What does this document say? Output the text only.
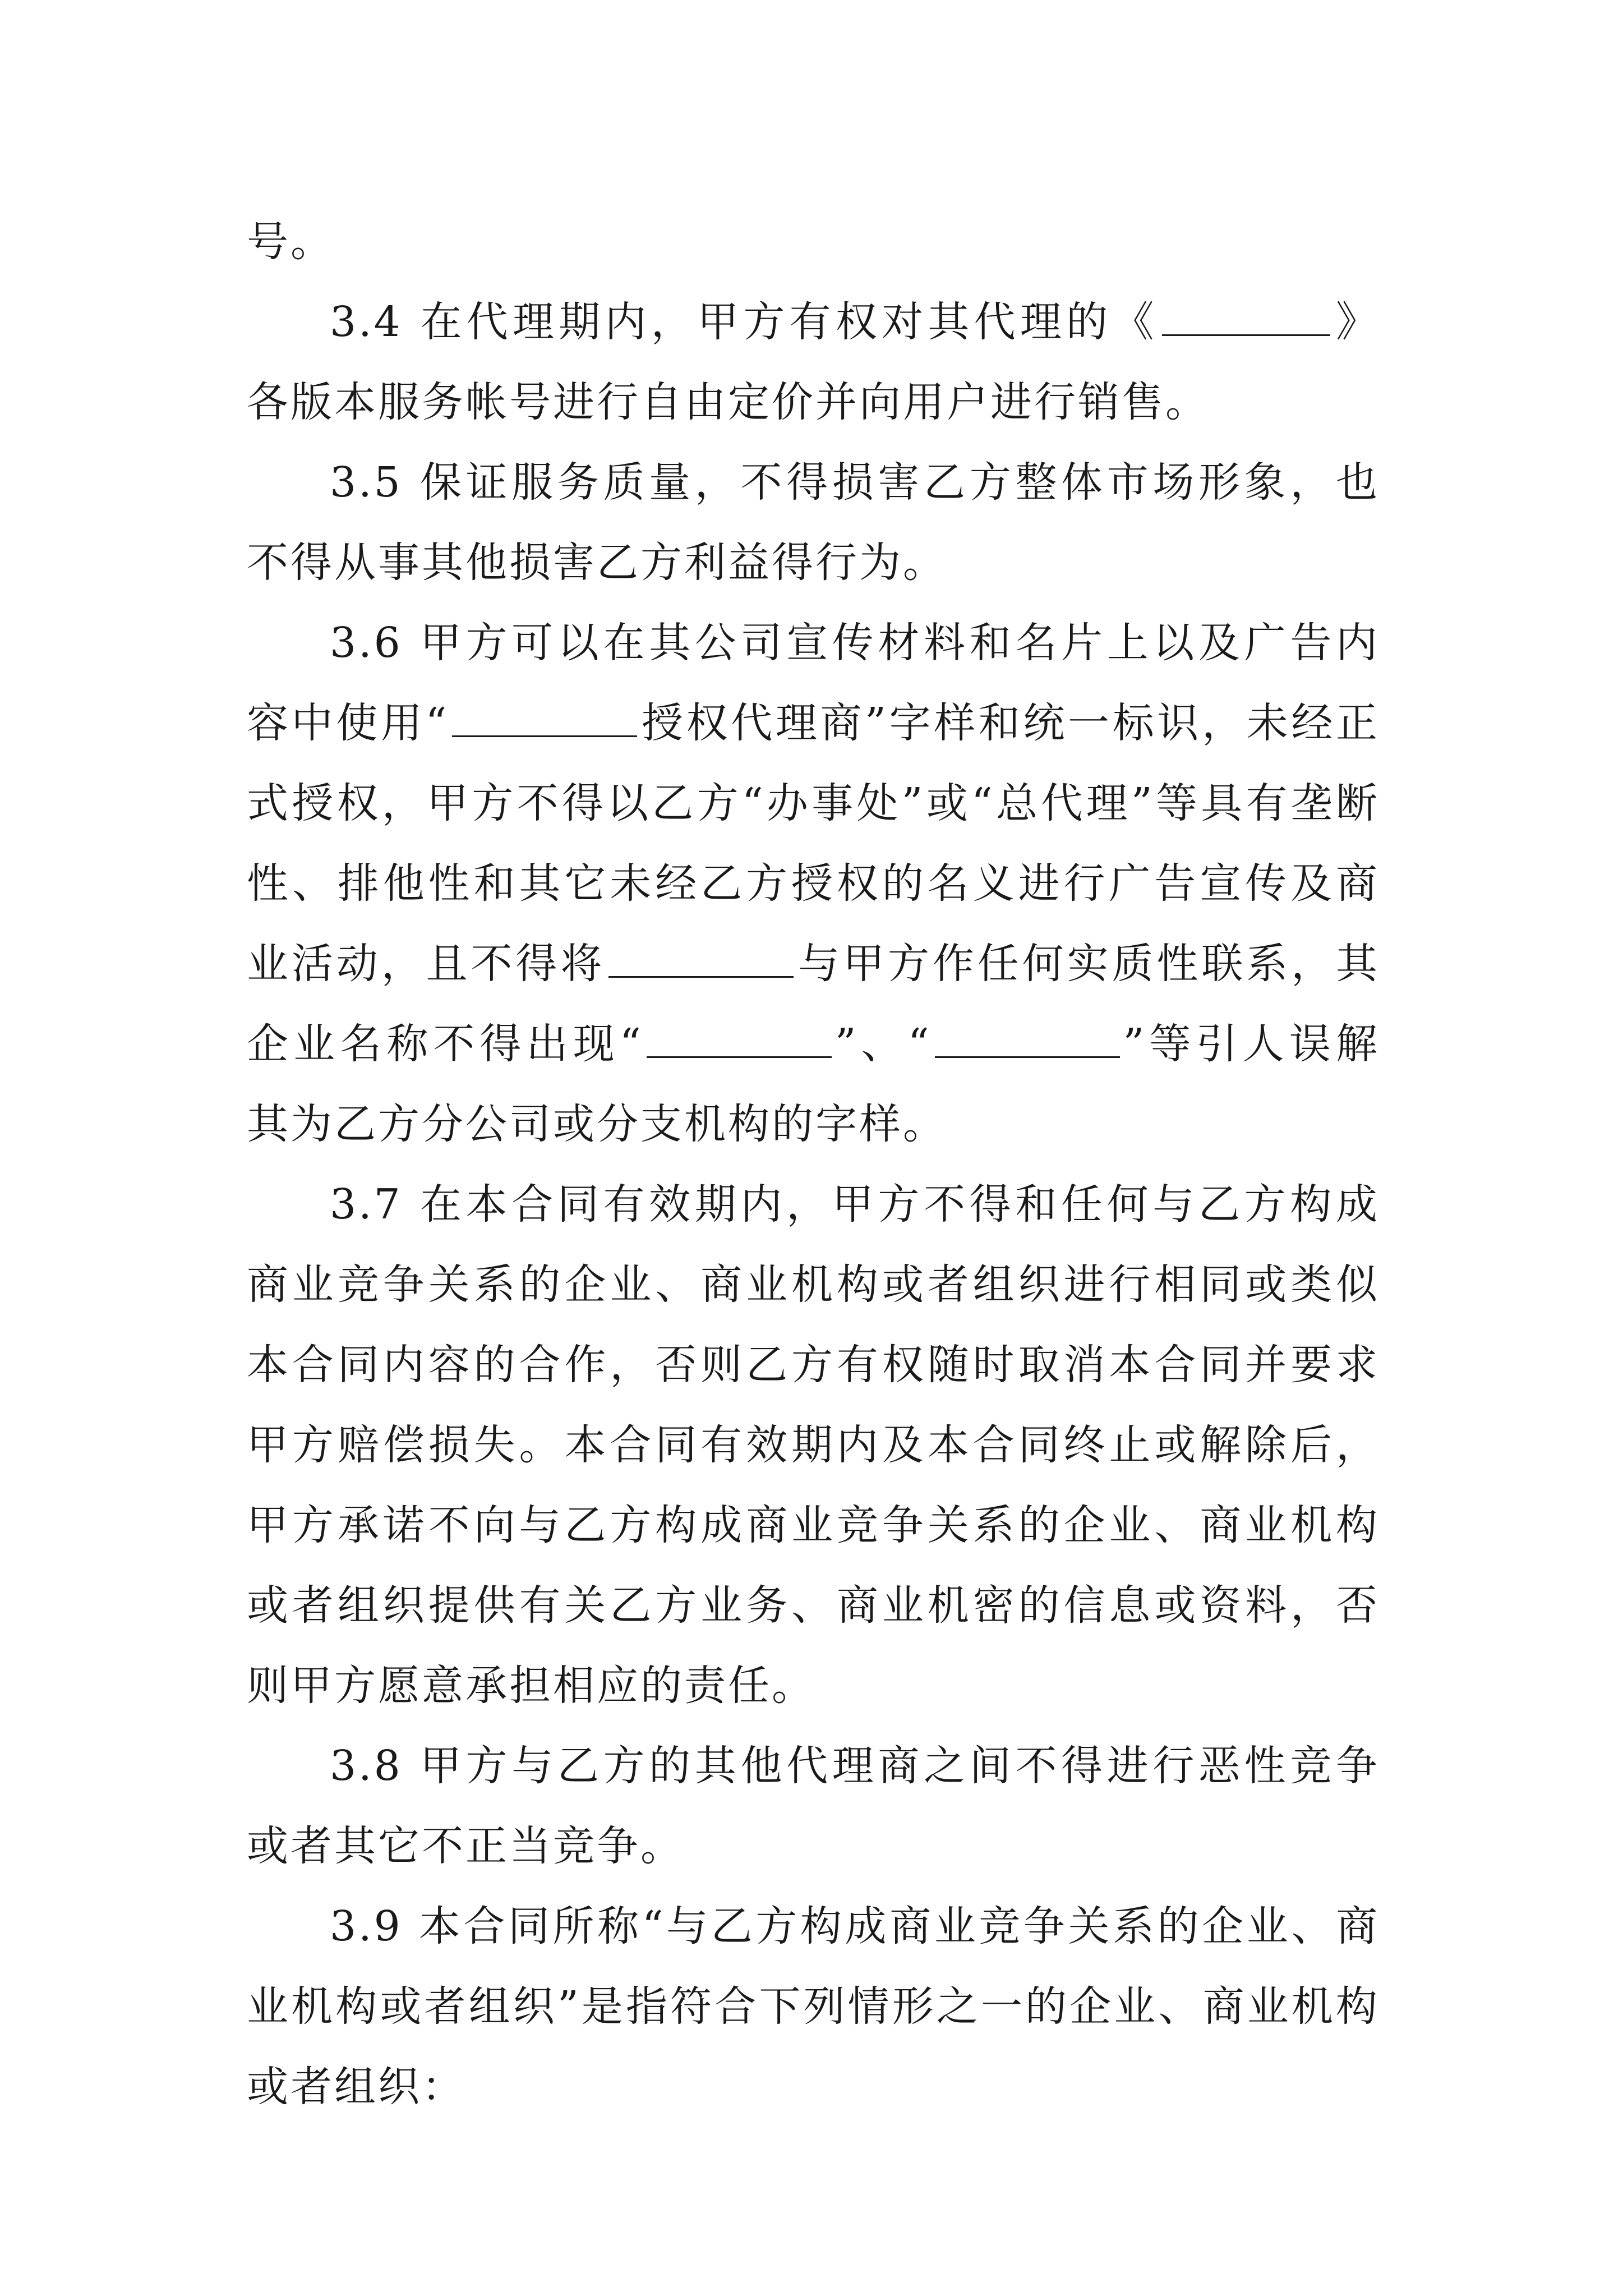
号。

3.4 在代理期内，甲方有权对其代理的《	》各版本服务帐号进行自由定价并向用户进行销售。

3.5 保证服务质量，不得损害乙方整体市场形象，也不得从事其他损害乙方利益得行为。

3.6 甲方可以在其公司宣传材料和名片上以及广告内容中使用“	授权代理商”字样和统一标识，未经正式授权，甲方不得以乙方“办事处”或“总代理”等具有垄断性、排他性和其它未经乙方授权的名义进行广告宣传及商业活动，且不得将	与甲方作任何实质性联系，其企业名称不得出现“	”、“	”等引人误解其为乙方分公司或分支机构的字样。

3.7 在本合同有效期内，甲方不得和任何与乙方构成商业竞争关系的企业、商业机构或者组织进行相同或类似本合同内容的合作，否则乙方有权随时取消本合同并要求甲方赔偿损失。本合同有效期内及本合同终止或解除后，甲方承诺不向与乙方构成商业竞争关系的企业、商业机构或者组织提供有关乙方业务、商业机密的信息或资料，否则甲方愿意承担相应的责任。

3.8 甲方与乙方的其他代理商之间不得进行恶性竞争或者其它不正当竞争。

3.9 本合同所称“与乙方构成商业竞争关系的企业、商业机构或者组织”是指符合下列情形之一的企业、商业机构或者组织：
